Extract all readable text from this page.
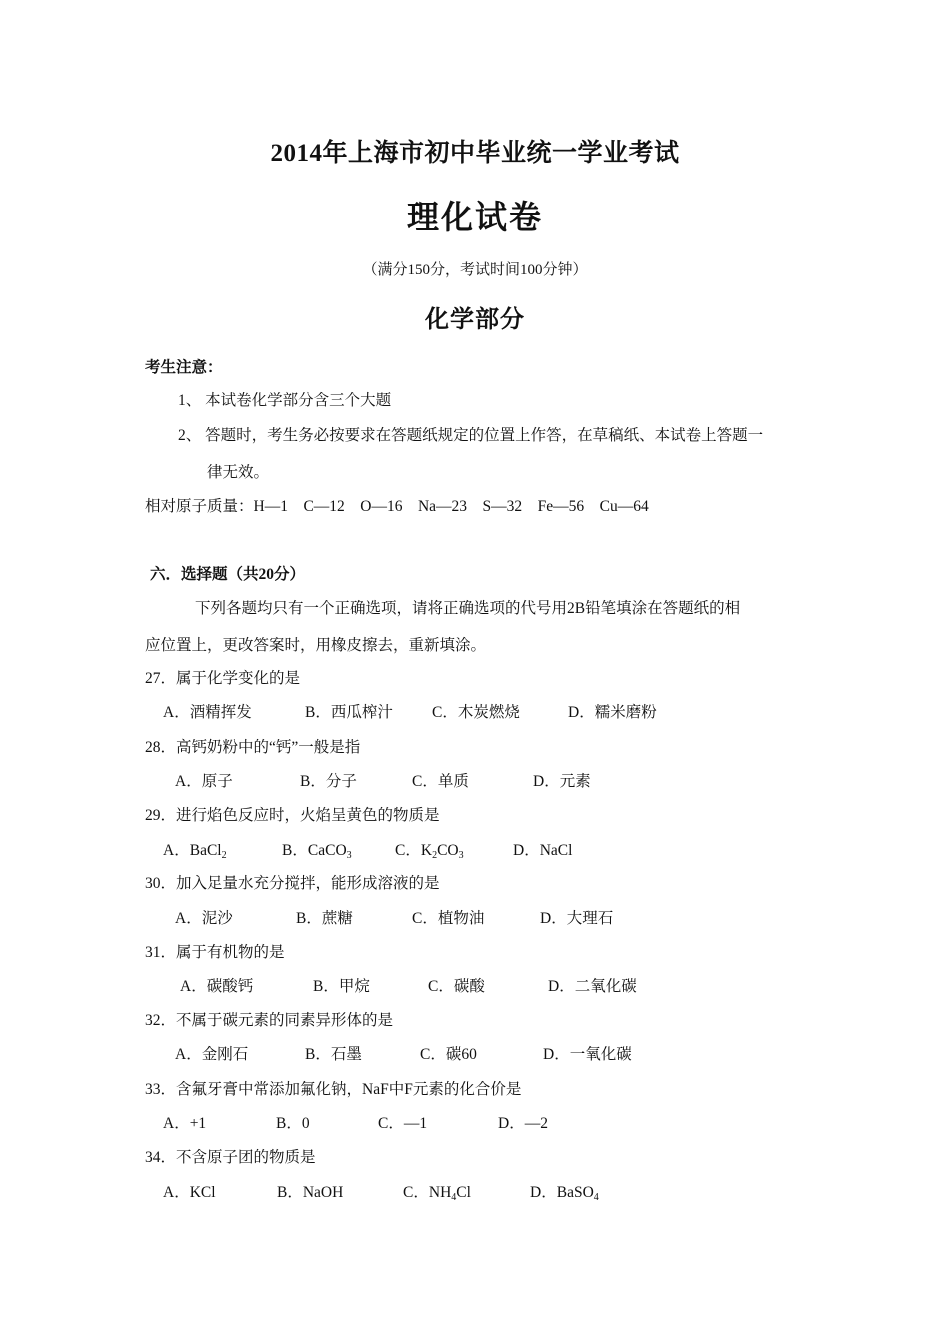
2014年上海市初中毕业统一学业考试
理化试卷
（满分150分，考试时间100分钟）
化学部分
考生注意：
1、 本试卷化学部分含三个大题
2、 答题时，考生务必按要求在答题纸规定的位置上作答，在草稿纸、本试卷上答题一
律无效。
相对原子质量：H—1　C—12　O—16　Na—23　S—32　Fe—56　Cu—64
六．选择题（共20分）
下列各题均只有一个正确选项，请将正确选项的代号用2B铅笔填涂在答题纸的相
应位置上，更改答案时，用橡皮擦去，重新填涂。
27．属于化学变化的是
A．酒精挥发	B．西瓜榨汁	C．木炭燃烧	D．糯米磨粉
28．高钙奶粉中的“钙”一般是指
A．原子	B．分子	C．单质	D．元素
29．进行焰色反应时，火焰呈黄色的物质是
A．BaCl$_2$	B．CaCO$_3$	C．$K_2CO_3$	D．NaCl
30．加入足量水充分搅拌，能形成溶液的是
A．泥沙	B．蔗糖	C．植物油	D．大理石
31．属于有机物的是
A．碳酸钙	B．甲烷	C．碳酸	D．二氧化碳
32．不属于碳元素的同素异形体的是
A．金刚石	B．石墨	C．碳60	D．一氧化碳
33．含氟牙膏中常添加氟化钠，NaF中F元素的化合价是
A．+1	B．0	C．—1	D．—2
34．不含原子团的物质是
A．KCl	B．NaOH	C．$NH_4Cl$	D．BaSO$_4$
